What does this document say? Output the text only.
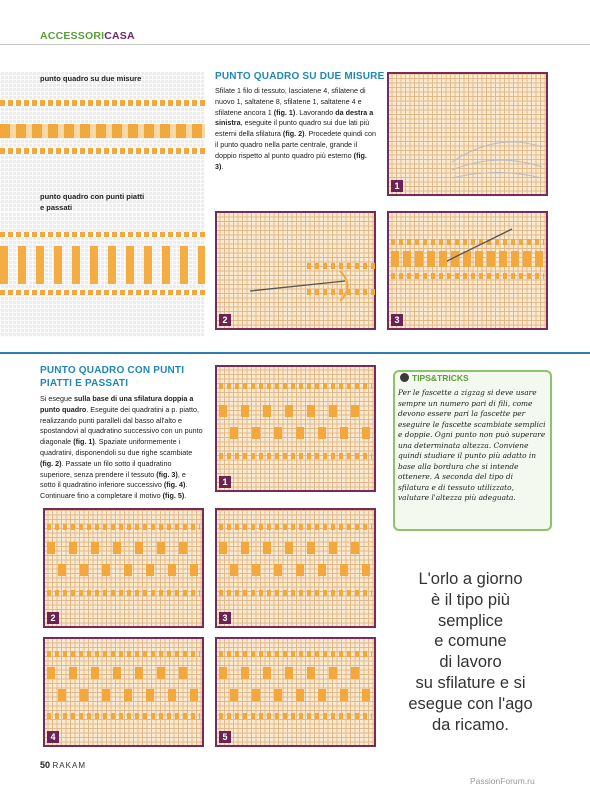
ACCESSORICASA
punto quadro su due misure
punto quadro con punti piatti
e passati
PUNTO QUADRO SU DUE MISURE
Sfilate 1 filo di tessuto, lasciatene 4, sfilatene di nuovo 1, saltatene 8, sfilatene 1, saltatene 4 e sfilatene ancora 1 (fig. 1). Lavorando da destra a sinistra, eseguite il punto quadro sui due lati più esterni della sfilatura (fig. 2). Procedete quindi con il punto quadro nella parte centrale, grande il doppio rispetto al punto quadro più esterno (fig. 3).
1
2	3
PUNTO QUADRO CON PUNTI
PIATTI E PASSATI
Si esegue sulla base di una sfilatura doppia a punto quadro. Eseguite dei quadratini a p. piatto, realizzando punti paralleli dal basso all'alto e spostandovi al quadratino successivo con un punto diagonale (fig. 1). Spaziate uniformemente i quadratini, disponendoli su due righe scambiate (fig. 2). Passate un filo sotto il quadratino superiore, senza prendere il tessuto (fig. 3), e sotto il quadratino inferiore successivo (fig. 4). Continuare fino a completare il motivo (fig. 5).
1
2	3
4	5
TIPS&TRICKS
Per le fascette a zigzag si deve usare sempre un numero pari di fili, come devono essere pari la fascette per eseguire le fascette scambiate semplici e doppie. Ogni punto non può superare una determinata altezza. Conviene quindi studiare il punto più adatto in base alla bordura che si intende ottenere. A seconda del tipo di sfilatura e di tessuto utilizzato, valutare l'altezza più adeguata.
L'orlo a giorno
è il tipo più
semplice
e comune
di lavoro
su sfilature e si
esegue con l'ago
da ricamo.
50 RAKAM
PassionForum.ru
